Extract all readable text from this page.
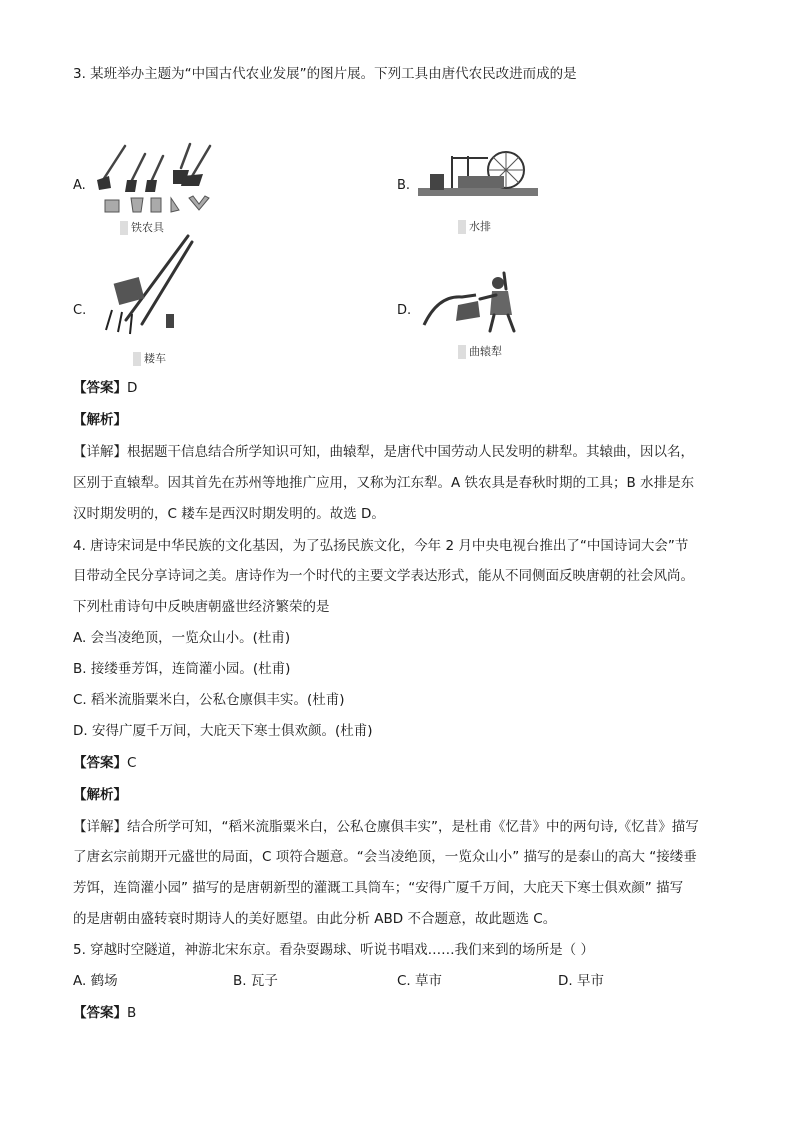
3. 某班举办主题为“中国古代农业发展”的图片展。下列工具由唐代农民改进而成的是
A.
铁农具
B.
水排
C.
耧车
D.
曲辕犁
【答案】D
【解析】
【详解】根据题干信息结合所学知识可知，曲辕犁，是唐代中国劳动人民发明的耕犁。其辕曲，因以名，
区别于直辕犁。因其首先在苏州等地推广应用，又称为江东犁。A 铁农具是春秋时期的工具；B 水排是东
汉时期发明的，C 耧车是西汉时期发明的。故选 D。
4. 唐诗宋词是中华民族的文化基因，为了弘扬民族文化，今年 2 月中央电视台推出了“中国诗词大会”节
目带动全民分享诗词之美。唐诗作为一个时代的主要文学表达形式，能从不同侧面反映唐朝的社会风尚。
下列杜甫诗句中反映唐朝盛世经济繁荣的是
A. 会当凌绝顶，一览众山小。(杜甫)
B. 接缕垂芳饵，连筒灌小园。(杜甫)
C. 稻米流脂粟米白，公私仓廪俱丰实。(杜甫)
D. 安得广厦千万间，大庇天下寒士俱欢颜。(杜甫)
【答案】C
【解析】
【详解】结合所学可知，“稻米流脂粟米白，公私仓廪俱丰实”，是杜甫《忆昔》中的两句诗,《忆昔》描写
了唐玄宗前期开元盛世的局面，C 项符合题意。“会当凌绝顶，一览众山小” 描写的是泰山的高大 “接缕垂
芳饵，连筒灌小园” 描写的是唐朝新型的灌溉工具筒车；“安得广厦千万间，大庇天下寒士俱欢颜” 描写
的是唐朝由盛转衰时期诗人的美好愿望。由此分析 ABD 不合题意，故此题选 C。
5. 穿越时空隧道，神游北宋东京。看杂耍踢球、听说书唱戏……我们来到的场所是（ ）
A. 鹤场	B. 瓦子	C. 草市	D. 早市
【答案】B
